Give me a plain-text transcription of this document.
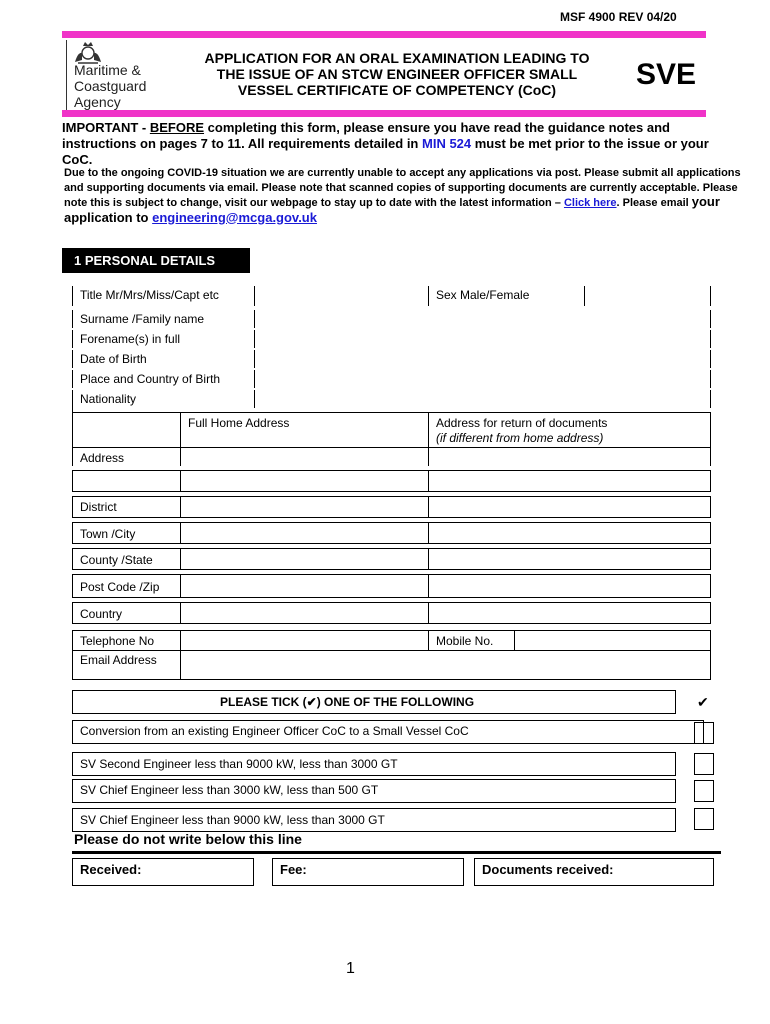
MSF 4900 REV 04/20
Maritime &
Coastguard
Agency
APPLICATION FOR AN ORAL EXAMINATION LEADING TO
THE ISSUE OF AN STCW ENGINEER OFFICER SMALL
VESSEL CERTIFICATE OF COMPETENCY (CoC)	SVE
IMPORTANT - BEFORE completing this form, please ensure you have read the guidance notes and instructions on pages 7 to 11. All requirements detailed in MIN 524 must be met prior to the issue or your CoC.
Due to the ongoing COVID-19 situation we are currently unable to accept any applications via post. Please submit all applications and supporting documents via email. Please note that scanned copies of supporting documents are currently acceptable. Please note this is subject to change, visit our webpage to stay up to date with the latest information – Click here. Please email your application to engineering@mcga.gov.uk
1 PERSONAL DETAILS
Title Mr/Mrs/Miss/Capt etc	Sex Male/Female
Surname /Family name
Forename(s) in full
Date of Birth
Place and Country of Birth
Nationality
Full Home Address	Address for return of documents
(if different from home address)
Address
District
Town /City
County /State
Post Code /Zip
Country
Telephone No	Mobile No.
Email Address
PLEASE TICK (✔) ONE OF THE FOLLOWING	✔
Conversion from an existing Engineer Officer CoC to a Small Vessel CoC
SV Second Engineer less than 9000 kW, less than 3000 GT
SV Chief Engineer less than 3000 kW, less than 500 GT
SV Chief Engineer less than 9000 kW, less than 3000 GT
Please do not write below this line
Received:	Fee:	Documents received:
1
